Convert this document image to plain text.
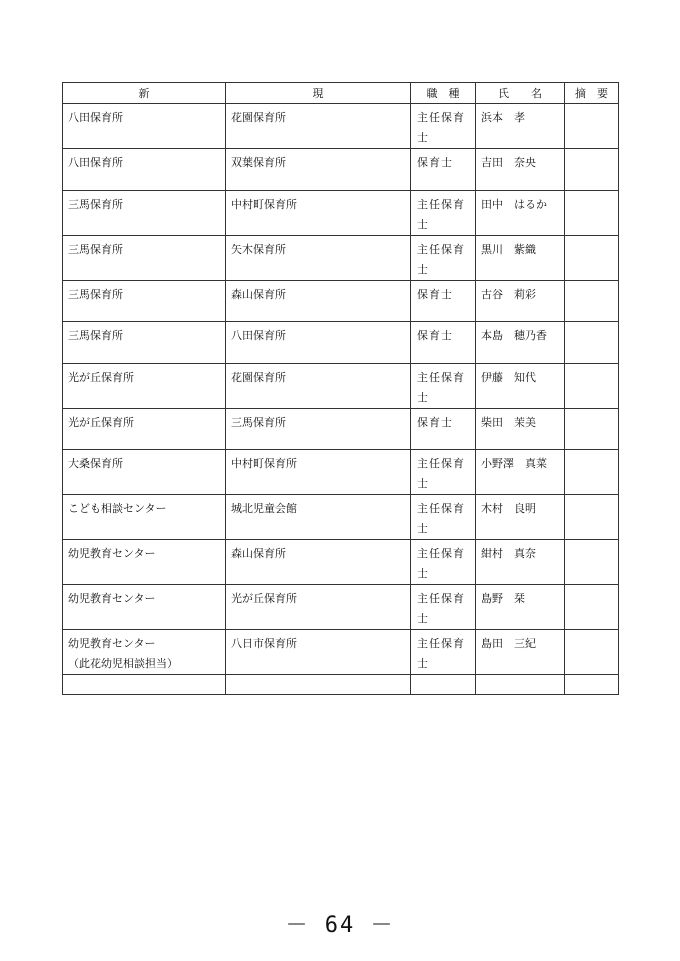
新	現	職　種	氏　　名	摘　要

八田保育所	花園保育所	主任保育士	浜本　孝	

八田保育所	双葉保育所	保育士	吉田　奈央	

三馬保育所	中村町保育所	主任保育士	田中　はるか	

三馬保育所	矢木保育所	主任保育士	黒川　紫織	

三馬保育所	森山保育所	保育士	古谷　莉彩	

三馬保育所	八田保育所	保育士	本島　穂乃香	

光が丘保育所	花園保育所	主任保育士	伊藤　知代	

光が丘保育所	三馬保育所	保育士	柴田　茉美	

大桑保育所	中村町保育所	主任保育士	小野澤　真菜	

こども相談センター	城北児童会館	主任保育士	木村　良明	

幼児教育センター	森山保育所	主任保育士	紺村　真奈	

幼児教育センター	光が丘保育所	主任保育士	島野　栞	

幼児教育センター
（此花幼児相談担当）	八日市保育所	主任保育士	島田　三紀	

－ 64 －
